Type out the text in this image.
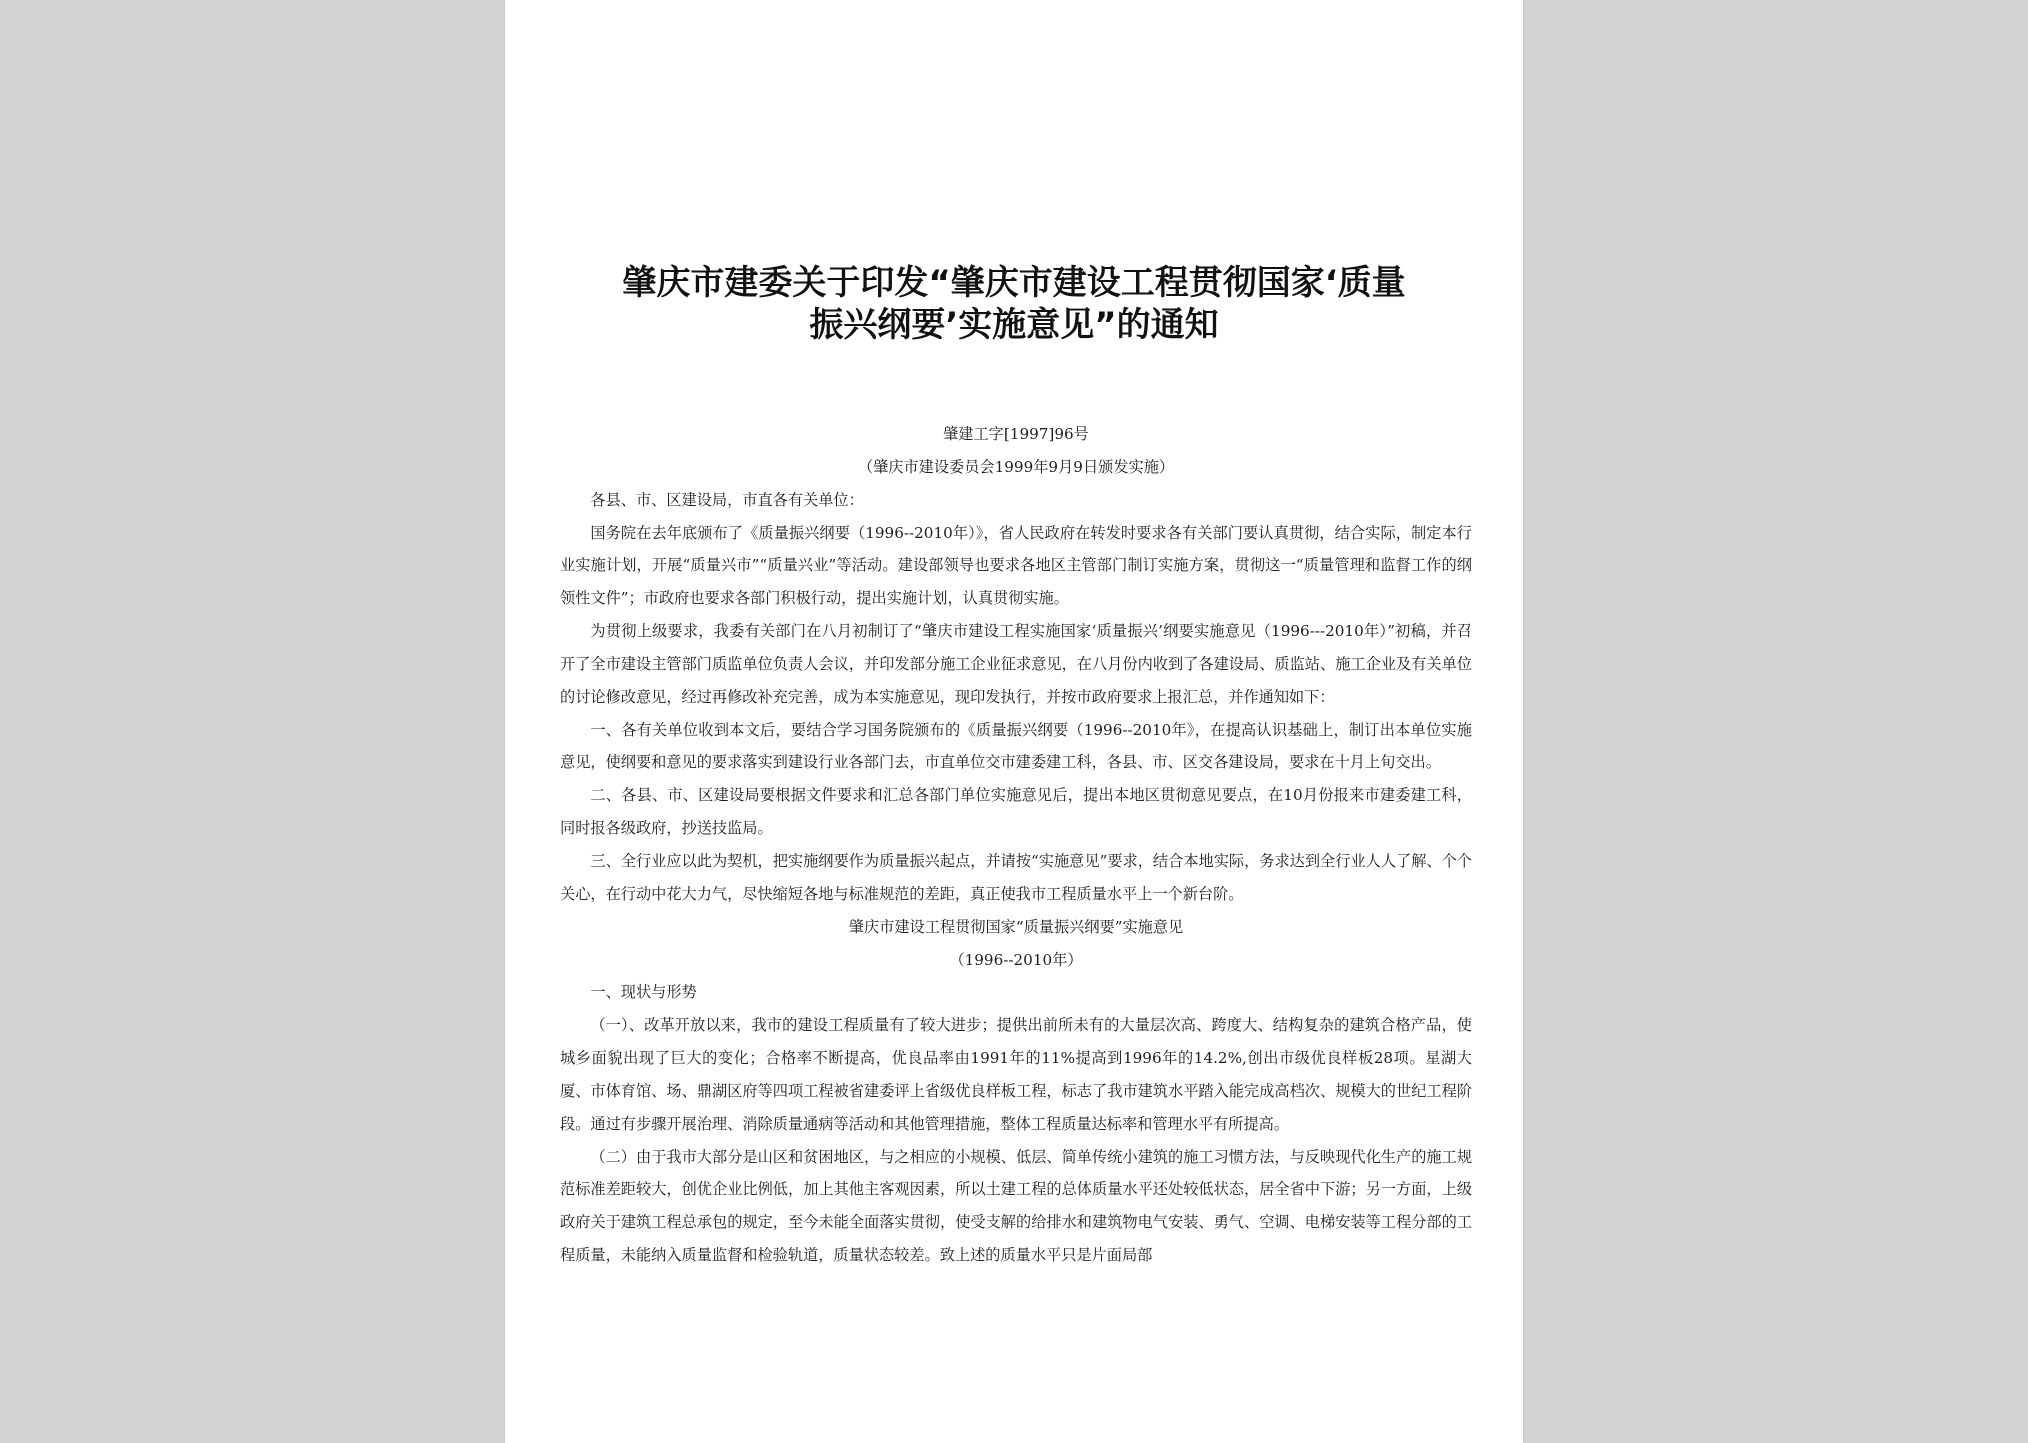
肇庆市建委关于印发“肇庆市建设工程贯彻国家‘质量
振兴纲要’实施意见”的通知
肇建工字[1997]96号
（肇庆市建设委员会1999年9月9日颁发实施）
各县、市、区建设局，市直各有关单位：
国务院在去年底颁布了《质量振兴纲要（1996--2010年）》，省人民政府在转发时要求各有关部门要认真贯彻，结合实际，制定本行业实施计划，开展“质量兴市”“质量兴业”等活动。建设部领导也要求各地区主管部门制订实施方案，贯彻这一“质量管理和监督工作的纲领性文件”；市政府也要求各部门积极行动，提出实施计划，认真贯彻实施。
为贯彻上级要求，我委有关部门在八月初制订了“肇庆市建设工程实施国家‘质量振兴’纲要实施意见（1996---2010年）”初稿，并召开了全市建设主管部门质监单位负责人会议，并印发部分施工企业征求意见，在八月份内收到了各建设局、质监站、施工企业及有关单位的讨论修改意见，经过再修改补充完善，成为本实施意见，现印发执行，并按市政府要求上报汇总，并作通知如下：
一、各有关单位收到本文后，要结合学习国务院颁布的《质量振兴纲要（1996--2010年》，在提高认识基础上，制订出本单位实施意见，使纲要和意见的要求落实到建设行业各部门去，市直单位交市建委建工科，各县、市、区交各建设局，要求在十月上旬交出。
二、各县、市、区建设局要根据文件要求和汇总各部门单位实施意见后，提出本地区贯彻意见要点，在10月份报来市建委建工科，同时报各级政府，抄送技监局。
三、全行业应以此为契机，把实施纲要作为质量振兴起点，并请按“实施意见”要求，结合本地实际，务求达到全行业人人了解、个个关心，在行动中花大力气，尽快缩短各地与标准规范的差距，真正使我市工程质量水平上一个新台阶。
肇庆市建设工程贯彻国家“质量振兴纲要”实施意见
（1996--2010年）
一、现状与形势
（一）、改革开放以来，我市的建设工程质量有了较大进步；提供出前所未有的大量层次高、跨度大、结构复杂的建筑合格产品，使城乡面貌出现了巨大的变化；合格率不断提高，优良品率由1991年的11%提高到1996年的14.2%,创出市级优良样板28项。星湖大厦、市体育馆、场、鼎湖区府等四项工程被省建委评上省级优良样板工程，标志了我市建筑水平踏入能完成高档次、规模大的世纪工程阶段。通过有步骤开展治理、消除质量通病等活动和其他管理措施，整体工程质量达标率和管理水平有所提高。
（二）由于我市大部分是山区和贫困地区，与之相应的小规模、低层、简单传统小建筑的施工习惯方法，与反映现代化生产的施工规范标准差距较大，创优企业比例低，加上其他主客观因素，所以土建工程的总体质量水平还处较低状态，居全省中下游；另一方面，上级政府关于建筑工程总承包的规定，至今未能全面落实贯彻，使受支解的给排水和建筑物电气安装、勇气、空调、电梯安装等工程分部的工程质量，未能纳入质量监督和检验轨道，质量状态较差。致上述的质量水平只是片面局部
